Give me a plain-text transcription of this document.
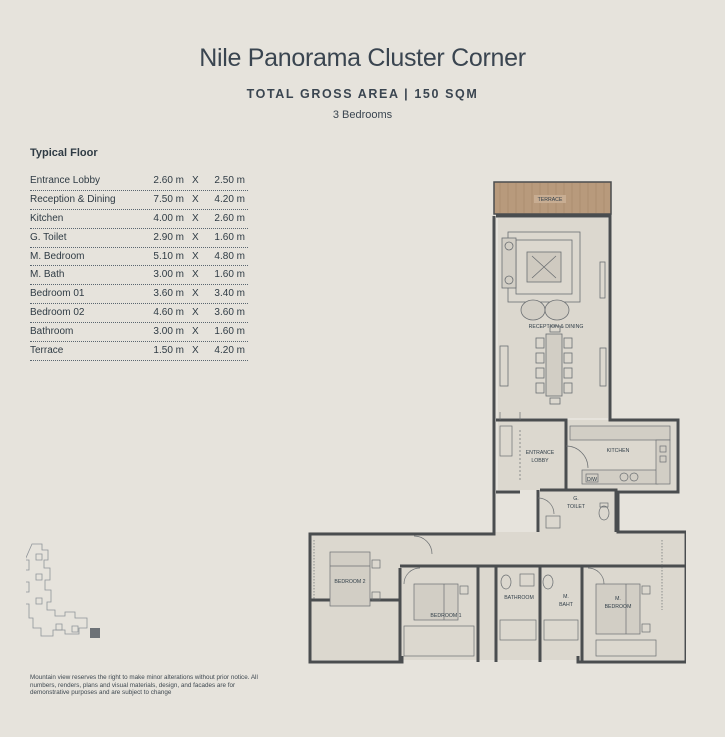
Nile Panorama Cluster Corner
TOTAL GROSS AREA | 150 SQM
3 Bedrooms
Typical Floor
Entrance Lobby	2.60 m X 2.50 m
Reception & Dining	7.50 m X 4.20 m
Kitchen	4.00 m X 2.60 m
G. Toilet	2.90 m X 1.60 m
M. Bedroom	5.10 m X 4.80 m
M. Bath	3.00 m X 1.60 m
Bedroom 01	3.60 m X 3.40 m
Bedroom 02	4.60 m X 3.60 m
Bathroom	3.00 m X 1.60 m
Terrace	1.50 m X 4.20 m
TERRACE
RECEPTION & DINING
ENTRANCE
LOBBY
KITCHEN
D/W
G.
TOILET
BEDROOM 2
BEDROOM 1
BATHROOM	M.
BAHT
M.
BEDROOM
Mountain view reserves the right to make minor alterations without prior notice. All numbers, renders, plans and visual materials, design, and facades are for demonstrative purposes and are subject to change
